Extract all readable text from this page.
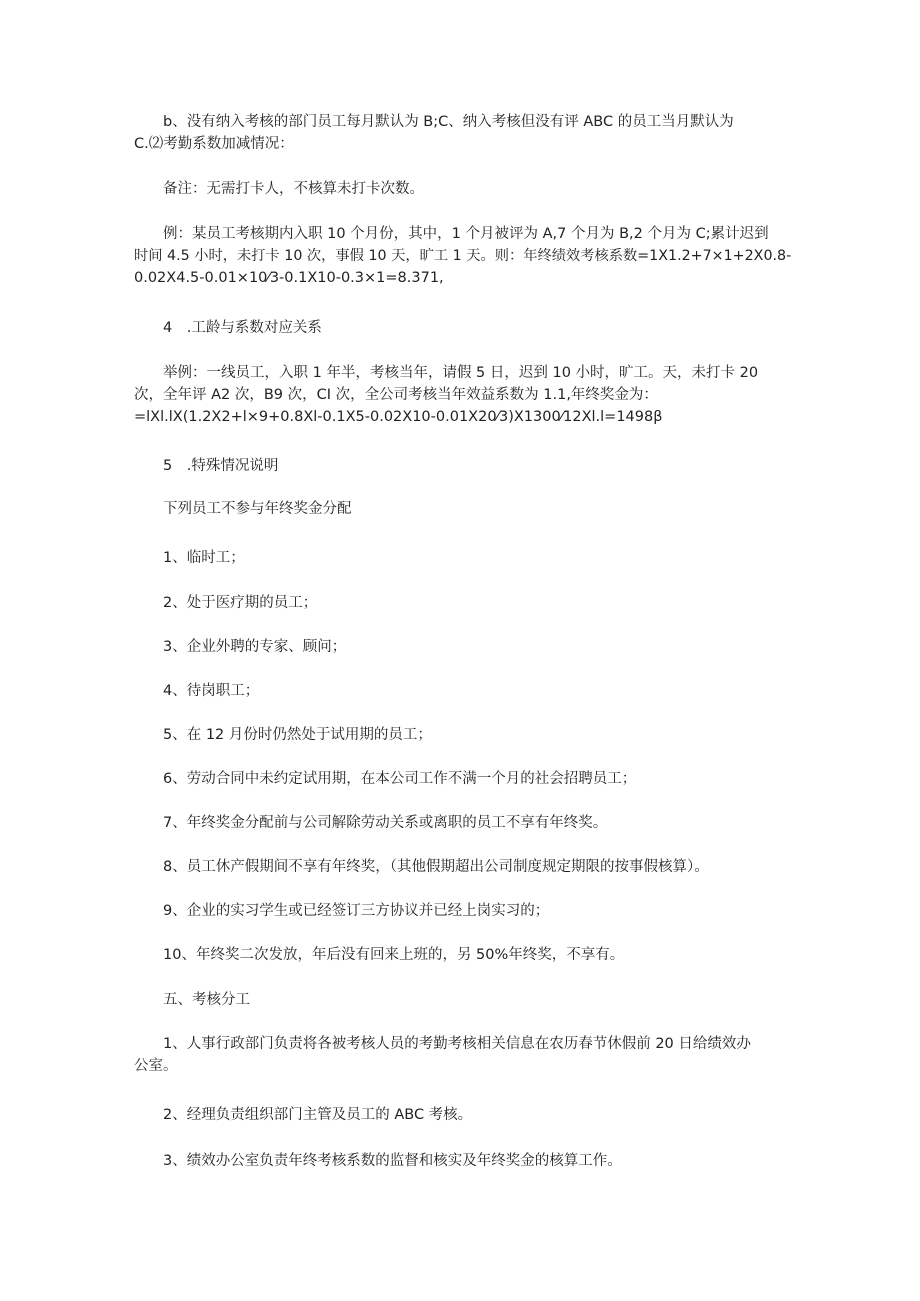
b、没有纳入考核的部门员工每月默认为 B;C、纳入考核但没有评 ABC 的员工当月默认为
C.⑵考勤系数加减情况：

备注：无需打卡人，不核算未打卡次数。

例：某员工考核期内入职 10 个月份，其中，1 个月被评为 A,7 个月为 B,2 个月为 C;累计迟到
时间 4.5 小时，未打卡 10 次，事假 10 天，旷工 1 天。则：年终绩效考核系数=1X1.2+7×1+2X0.8-
0.02X4.5-0.01×10⁄3-0.1X10-0.3×1=8.371,

4　.工龄与系数对应关系

举例：一线员工，入职 1 年半，考核当年，请假 5 日，迟到 10 小时，旷工。天，未打卡 20
次，全年评 A2 次，B9 次，CI 次，全公司考核当年效益系数为 1.1,年终奖金为：
=lXl.lX(1.2X2+l×9+0.8Xl-0.1X5-0.02X10-0.01X20⁄3)X1300⁄12Xl.l=1498β

5　.特殊情况说明

下列员工不参与年终奖金分配

1、临时工；

2、处于医疗期的员工；

3、企业外聘的专家、顾问；

4、待岗职工；

5、在 12 月份时仍然处于试用期的员工；

6、劳动合同中未约定试用期，在本公司工作不满一个月的社会招聘员工；

7、年终奖金分配前与公司解除劳动关系或离职的员工不享有年终奖。

8、员工休产假期间不享有年终奖，（其他假期超出公司制度规定期限的按事假核算）。

9、企业的实习学生或已经签订三方协议并已经上岗实习的；

10、年终奖二次发放，年后没有回来上班的，另 50%年终奖，不享有。

五、考核分工

1、人事行政部门负责将各被考核人员的考勤考核相关信息在农历春节休假前 20 日给绩效办
公室。

2、经理负责组织部门主管及员工的 ABC 考核。

3、绩效办公室负责年终考核系数的监督和核实及年终奖金的核算工作。
